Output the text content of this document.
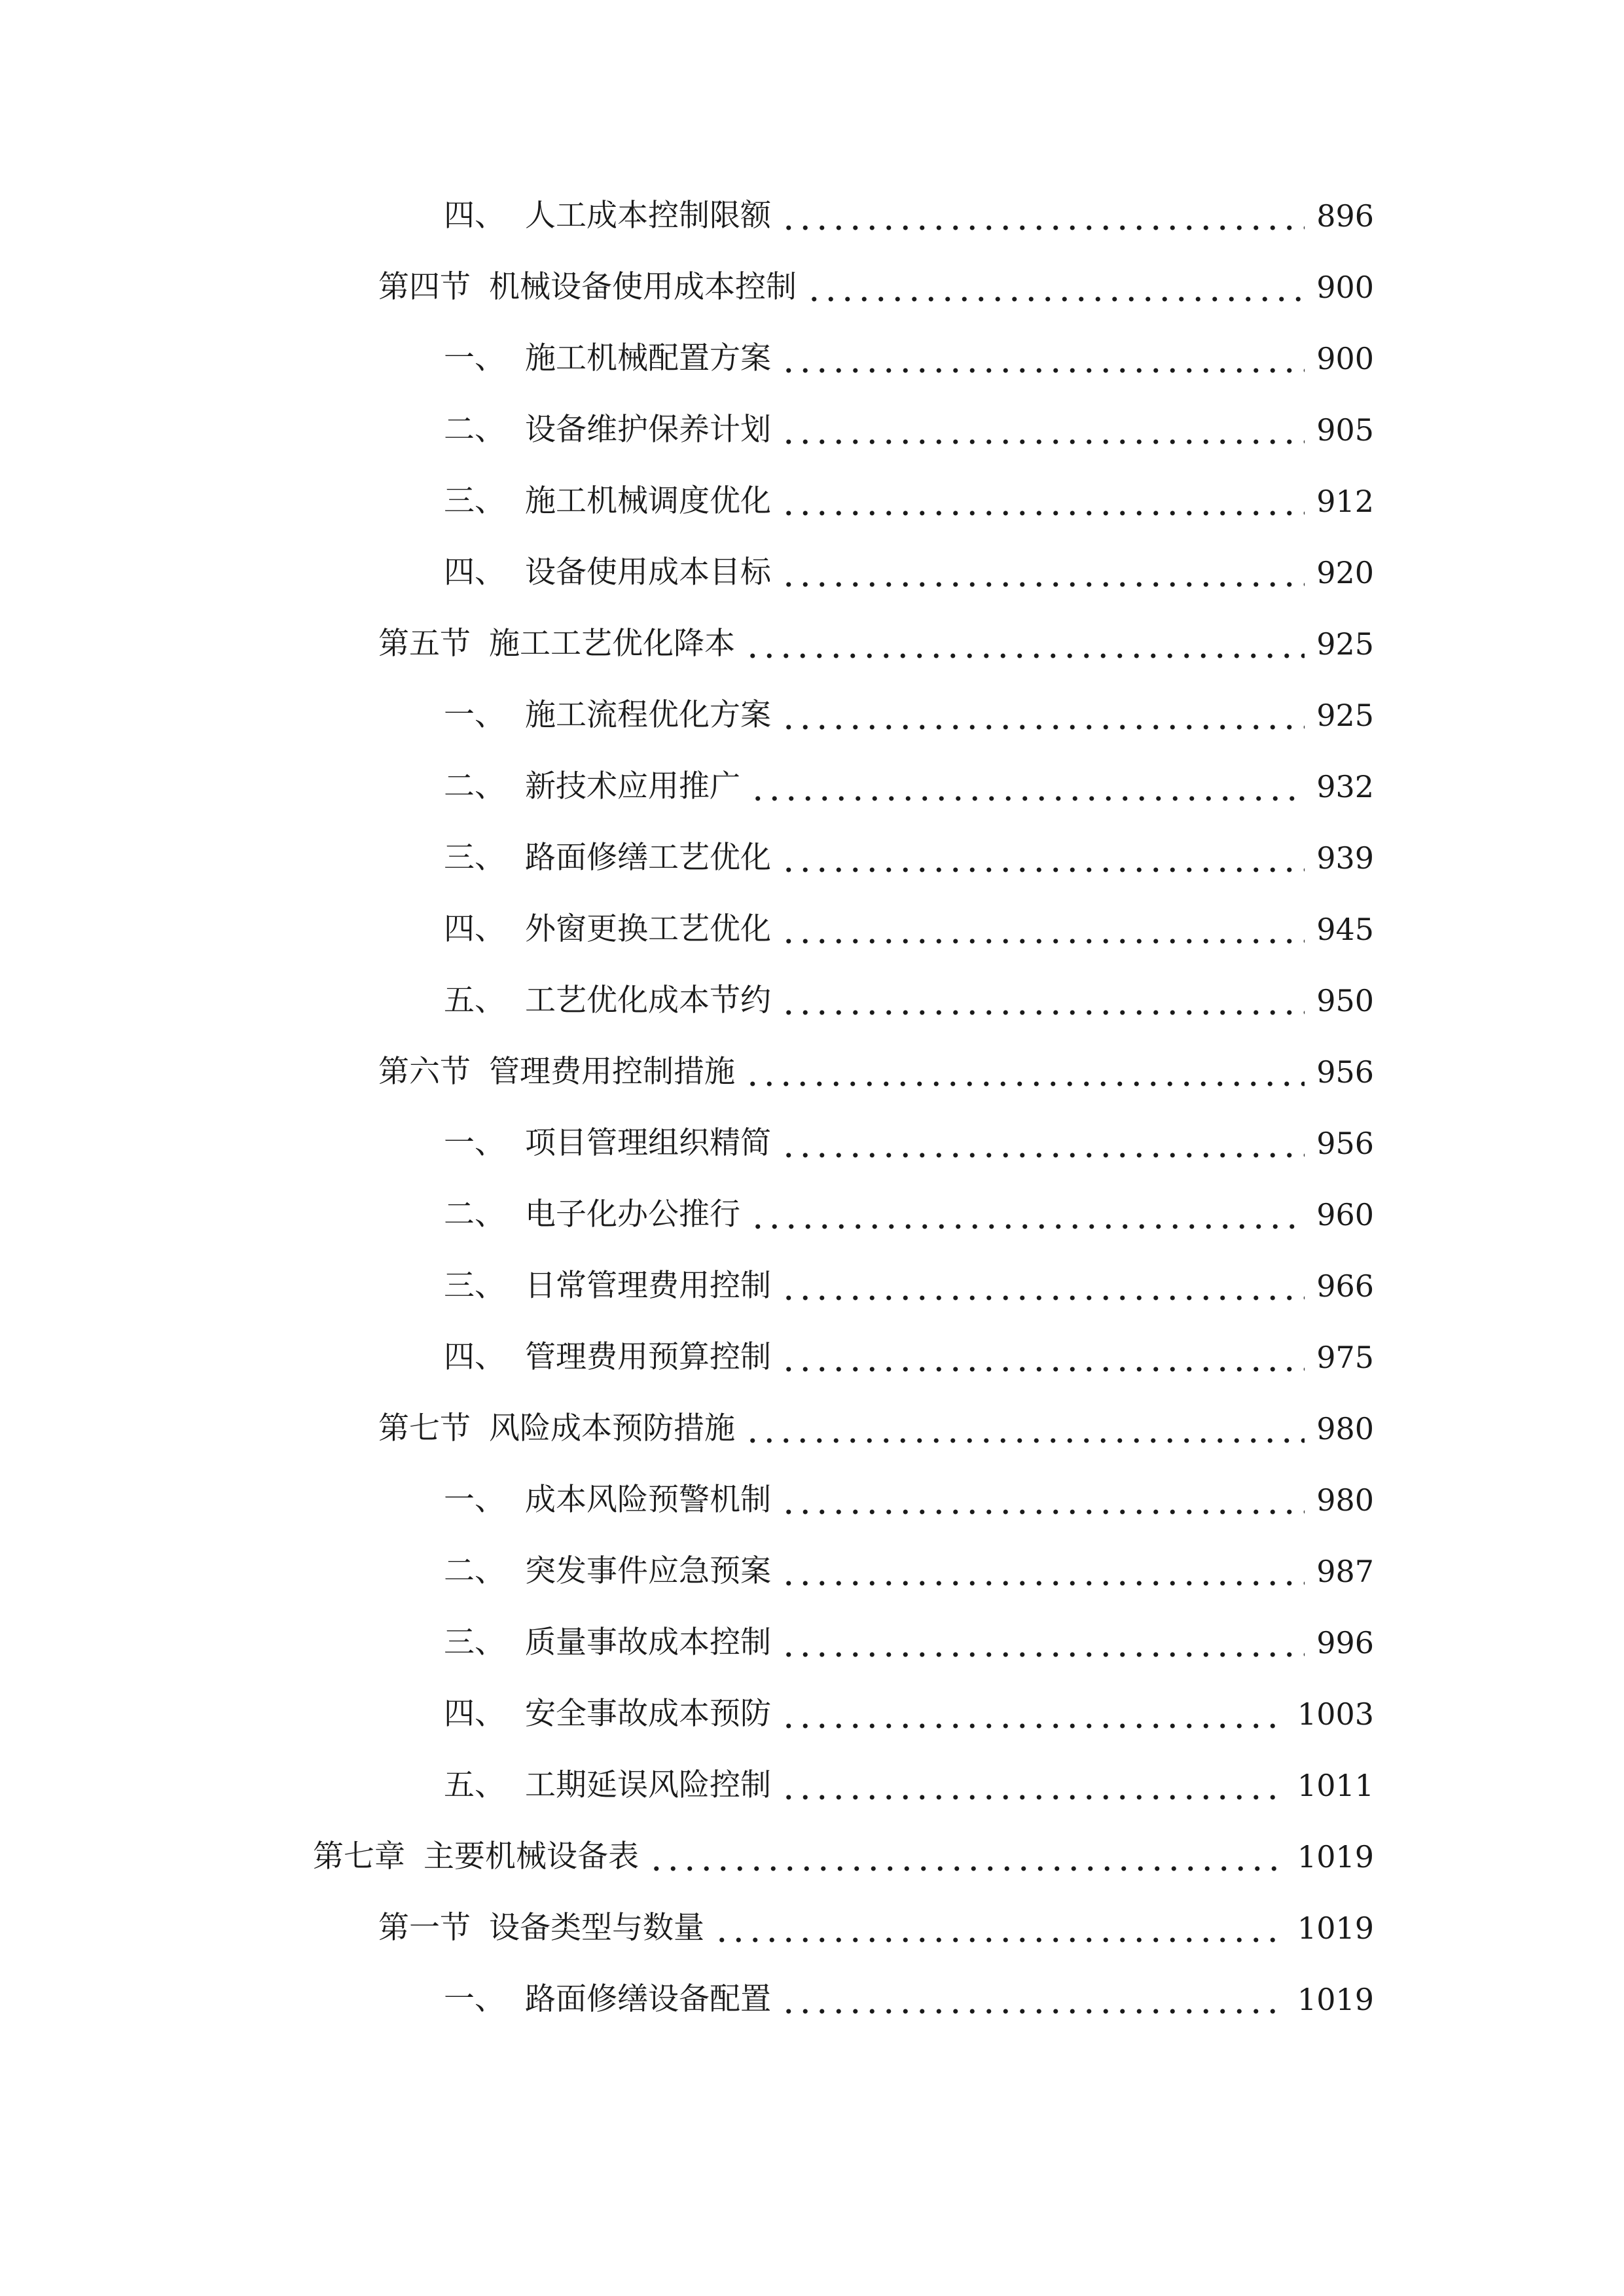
四、 人工成本控制限额	896
第四节 机械设备使用成本控制	900
一、 施工机械配置方案	900
二、 设备维护保养计划	905
三、 施工机械调度优化	912
四、 设备使用成本目标	920
第五节 施工工艺优化降本	925
一、 施工流程优化方案	925
二、 新技术应用推广	932
三、 路面修缮工艺优化	939
四、 外窗更换工艺优化	945
五、 工艺优化成本节约	950
第六节 管理费用控制措施	956
一、 项目管理组织精简	956
二、 电子化办公推行	960
三、 日常管理费用控制	966
四、 管理费用预算控制	975
第七节 风险成本预防措施	980
一、 成本风险预警机制	980
二、 突发事件应急预案	987
三、 质量事故成本控制	996
四、 安全事故成本预防	1003
五、 工期延误风险控制	1011
第七章 主要机械设备表	1019
第一节 设备类型与数量	1019
一、 路面修缮设备配置	1019
